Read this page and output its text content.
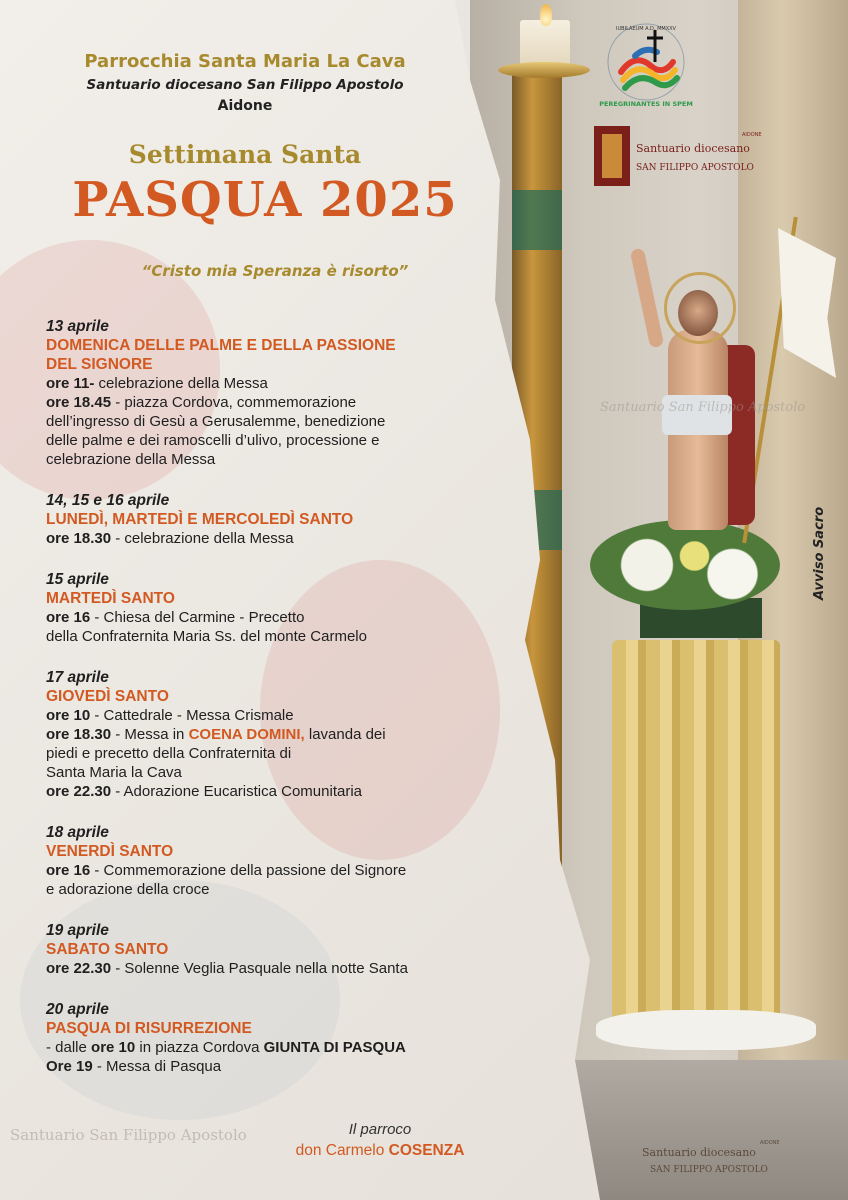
Santuario San Filippo Apostolo
PEREGRINANTES IN SPEM
IUBILAEUM A.D. MMXXV
Santuario diocesano
SAN FILIPPO APOSTOLO
AIDONE
Santuario diocesano
SAN FILIPPO APOSTOLO
AIDONE
Avviso Sacro
Parrocchia Santa Maria La Cava
Santuario diocesano San Filippo Apostolo
Aidone
Settimana Santa
PASQUA 2025
“Cristo mia Speranza è risorto”
13 aprile
DOMENICA DELLE PALME E DELLA PASSIONE
DEL SIGNORE
ore 11- celebrazione della Messa
ore 18.45 - piazza Cordova, commemorazione
dell’ingresso di Gesù a Gerusalemme, benedizione
delle palme e dei ramoscelli d’ulivo, processione e
celebrazione della Messa
14, 15 e 16 aprile
LUNEDÌ, MARTEDÌ E MERCOLEDÌ SANTO
ore 18.30 - celebrazione della Messa
15 aprile
MARTEDÌ SANTO
ore 16 - Chiesa del Carmine - Precetto
della Confraternita Maria Ss. del monte Carmelo
17 aprile
GIOVEDÌ SANTO
ore 10 - Cattedrale - Messa Crismale
ore 18.30 - Messa in COENA DOMINI, lavanda dei
piedi e precetto della Confraternita di
Santa Maria la Cava
ore 22.30 - Adorazione Eucaristica Comunitaria
18 aprile
VENERDÌ SANTO
ore 16 - Commemorazione della passione del Signore
e adorazione della croce
19 aprile
SABATO SANTO
ore 22.30 - Solenne Veglia Pasquale nella notte Santa
20 aprile
PASQUA DI RISURREZIONE
- dalle ore 10 in piazza Cordova GIUNTA DI PASQUA
Ore 19 - Messa di Pasqua
Santuario San Filippo Apostolo	Il parroco
don Carmelo COSENZA
